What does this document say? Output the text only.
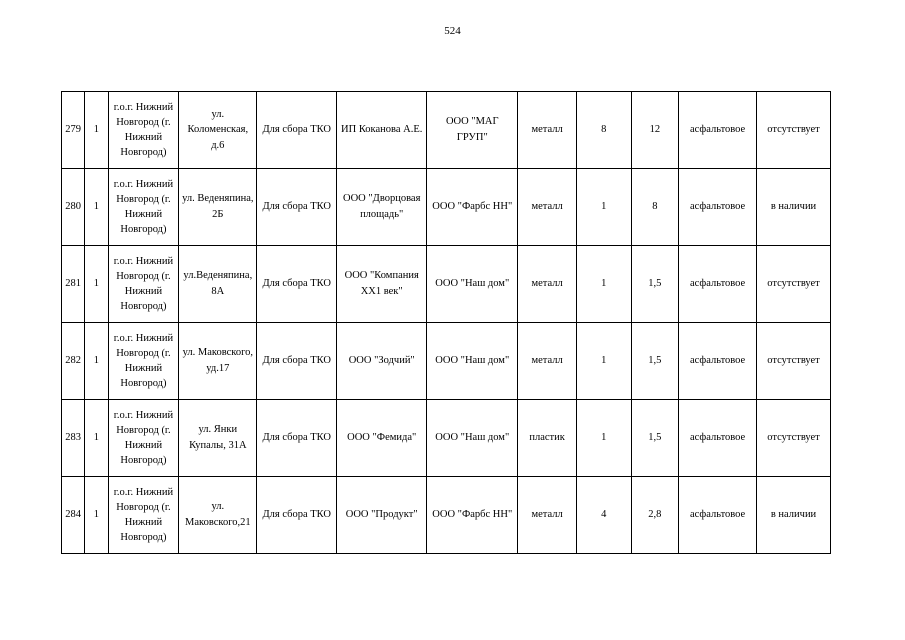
524
279	1	г.о.г. Нижний Новгород (г. Нижний Новгород)	ул. Коломенская, д.6	Для сбора ТКО	ИП Коканова А.Е.	ООО "МАГ ГРУП"	металл	8	12	асфальтовое	отсутствует
280	1	г.о.г. Нижний Новгород (г. Нижний Новгород)	ул. Веденяпина, 2Б	Для сбора ТКО	ООО "Дворцовая площадь"	ООО "Фарбс НН"	металл	1	8	асфальтовое	в наличии
281	1	г.о.г. Нижний Новгород (г. Нижний Новгород)	ул.Веденяпина, 8А	Для сбора ТКО	ООО "Компания XX1 век"	ООО "Наш дом"	металл	1	1,5	асфальтовое	отсутствует
282	1	г.о.г. Нижний Новгород (г. Нижний Новгород)	ул. Маковского, уд.17	Для сбора ТКО	ООО "Зодчий"	ООО "Наш дом"	металл	1	1,5	асфальтовое	отсутствует
283	1	г.о.г. Нижний Новгород (г. Нижний Новгород)	ул. Янки Купалы, 31А	Для сбора ТКО	ООО "Фемида"	ООО "Наш дом"	пластик	1	1,5	асфальтовое	отсутствует
284	1	г.о.г. Нижний Новгород (г. Нижний Новгород)	ул. Маковского,21	Для сбора ТКО	ООО "Продукт"	ООО "Фарбс НН"	металл	4	2,8	асфальтовое	в наличии
